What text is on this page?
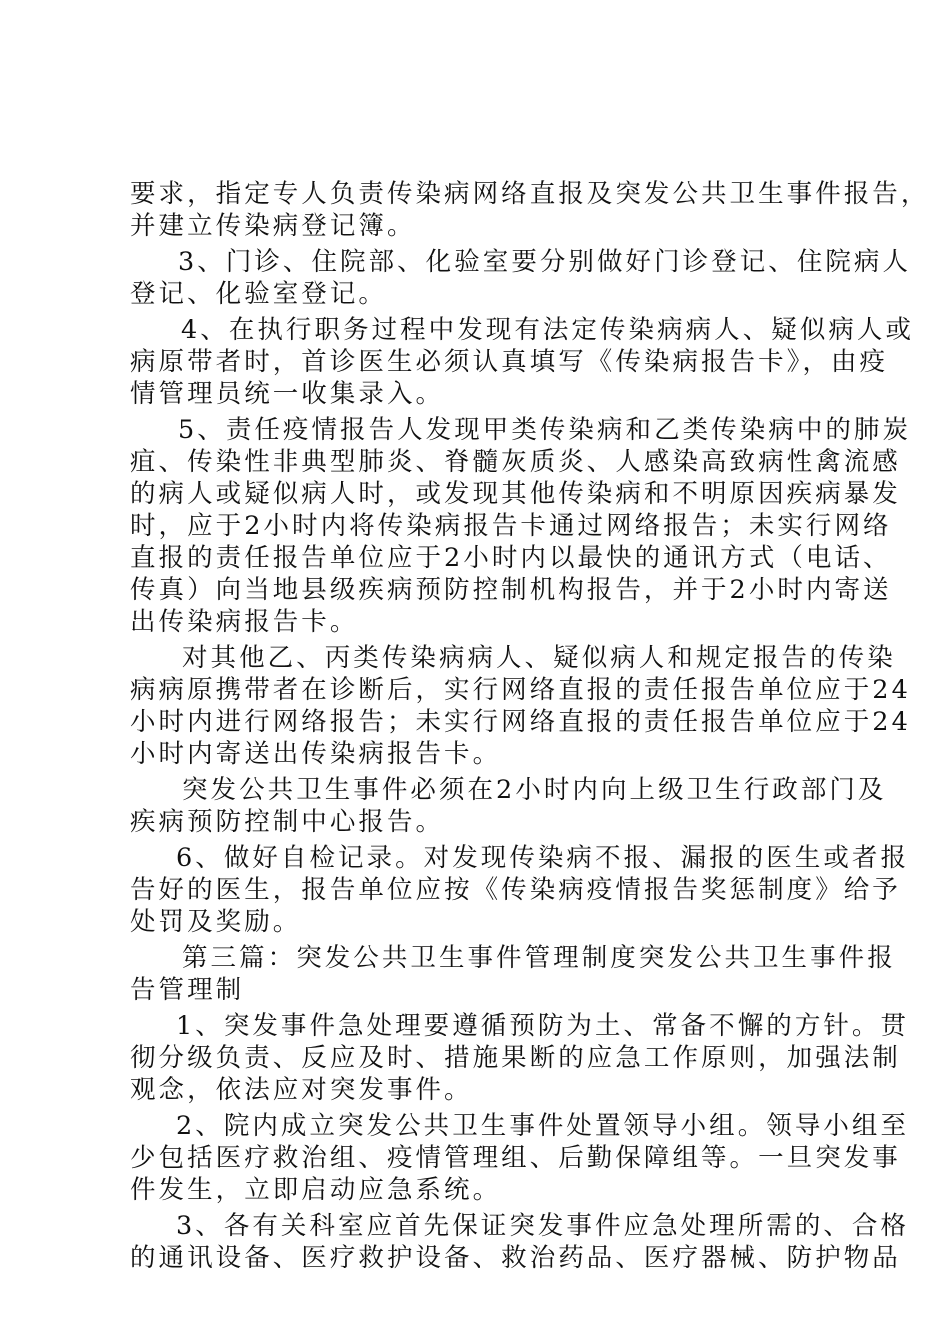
要求，指定专人负责传染病网络直报及突发公共卫生事件报告，
并建立传染病登记簿。
3、门诊、住院部、化验室要分别做好门诊登记、住院病人
登记、化验室登记。
4、在执行职务过程中发现有法定传染病病人、疑似病人或
病原带者时，首诊医生必须认真填写《传染病报告卡》，由疫
情管理员统一收集录入。
5、责任疫情报告人发现甲类传染病和乙类传染病中的肺炭
疽、传染性非典型肺炎、脊髓灰质炎、人感染高致病性禽流感
的病人或疑似病人时，或发现其他传染病和不明原因疾病暴发
时，应于2小时内将传染病报告卡通过网络报告；未实行网络
直报的责任报告单位应于2小时内以最快的通讯方式（电话、
传真）向当地县级疾病预防控制机构报告，并于2小时内寄送
出传染病报告卡。
对其他乙、丙类传染病病人、疑似病人和规定报告的传染
病病原携带者在诊断后，实行网络直报的责任报告单位应于24
小时内进行网络报告；未实行网络直报的责任报告单位应于24
小时内寄送出传染病报告卡。
突发公共卫生事件必须在2小时内向上级卫生行政部门及
疾病预防控制中心报告。
6、做好自检记录。对发现传染病不报、漏报的医生或者报
告好的医生，报告单位应按《传染病疫情报告奖惩制度》给予
处罚及奖励。
第三篇：突发公共卫生事件管理制度突发公共卫生事件报
告管理制
1、突发事件急处理要遵循预防为土、常备不懈的方针。贯
彻分级负责、反应及时、措施果断的应急工作原则，加强法制
观念，依法应对突发事件。
2、院内成立突发公共卫生事件处置领导小组。领导小组至
少包括医疗救治组、疫情管理组、后勤保障组等。一旦突发事
件发生，立即启动应急系统。
3、各有关科室应首先保证突发事件应急处理所需的、合格
的通讯设备、医疗救护设备、救治药品、医疗器械、防护物品
